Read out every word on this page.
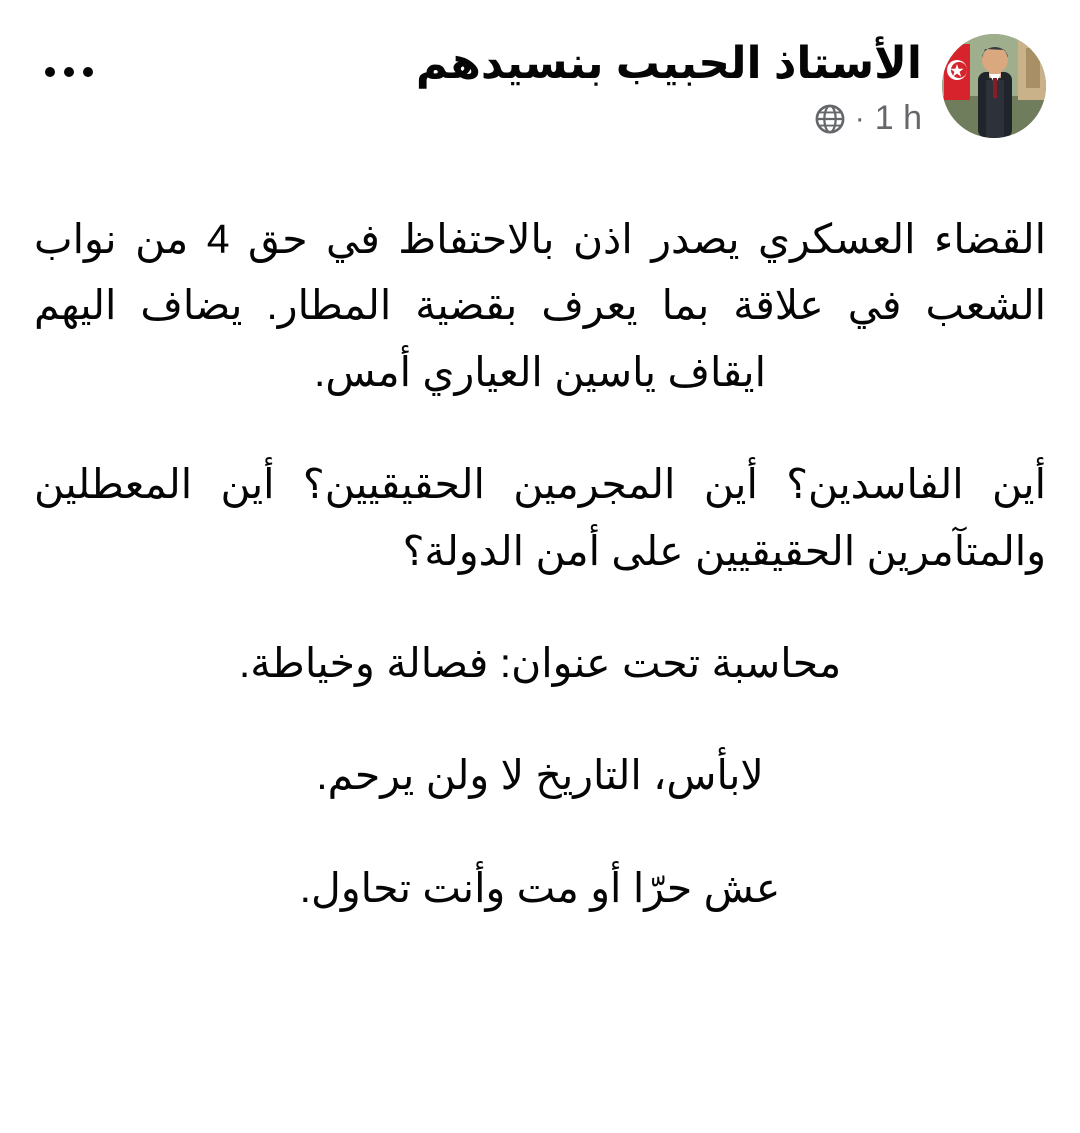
الأستاذ الحبيب بنسيدهم
1 h
·

القضاء العسكري يصدر اذن بالاحتفاظ في حق 4 من نواب الشعب في علاقة بما يعرف بقضية المطار. يضاف اليهم ايقاف ياسين العياري أمس.

أين الفاسدين؟ أين المجرمين الحقيقيين؟ أين المعطلين والمتآمرين الحقيقيين على أمن الدولة؟

محاسبة تحت عنوان: فصالة وخياطة.

لابأس، التاريخ لا ولن يرحم.

عش حرّا أو مت وأنت تحاول.
